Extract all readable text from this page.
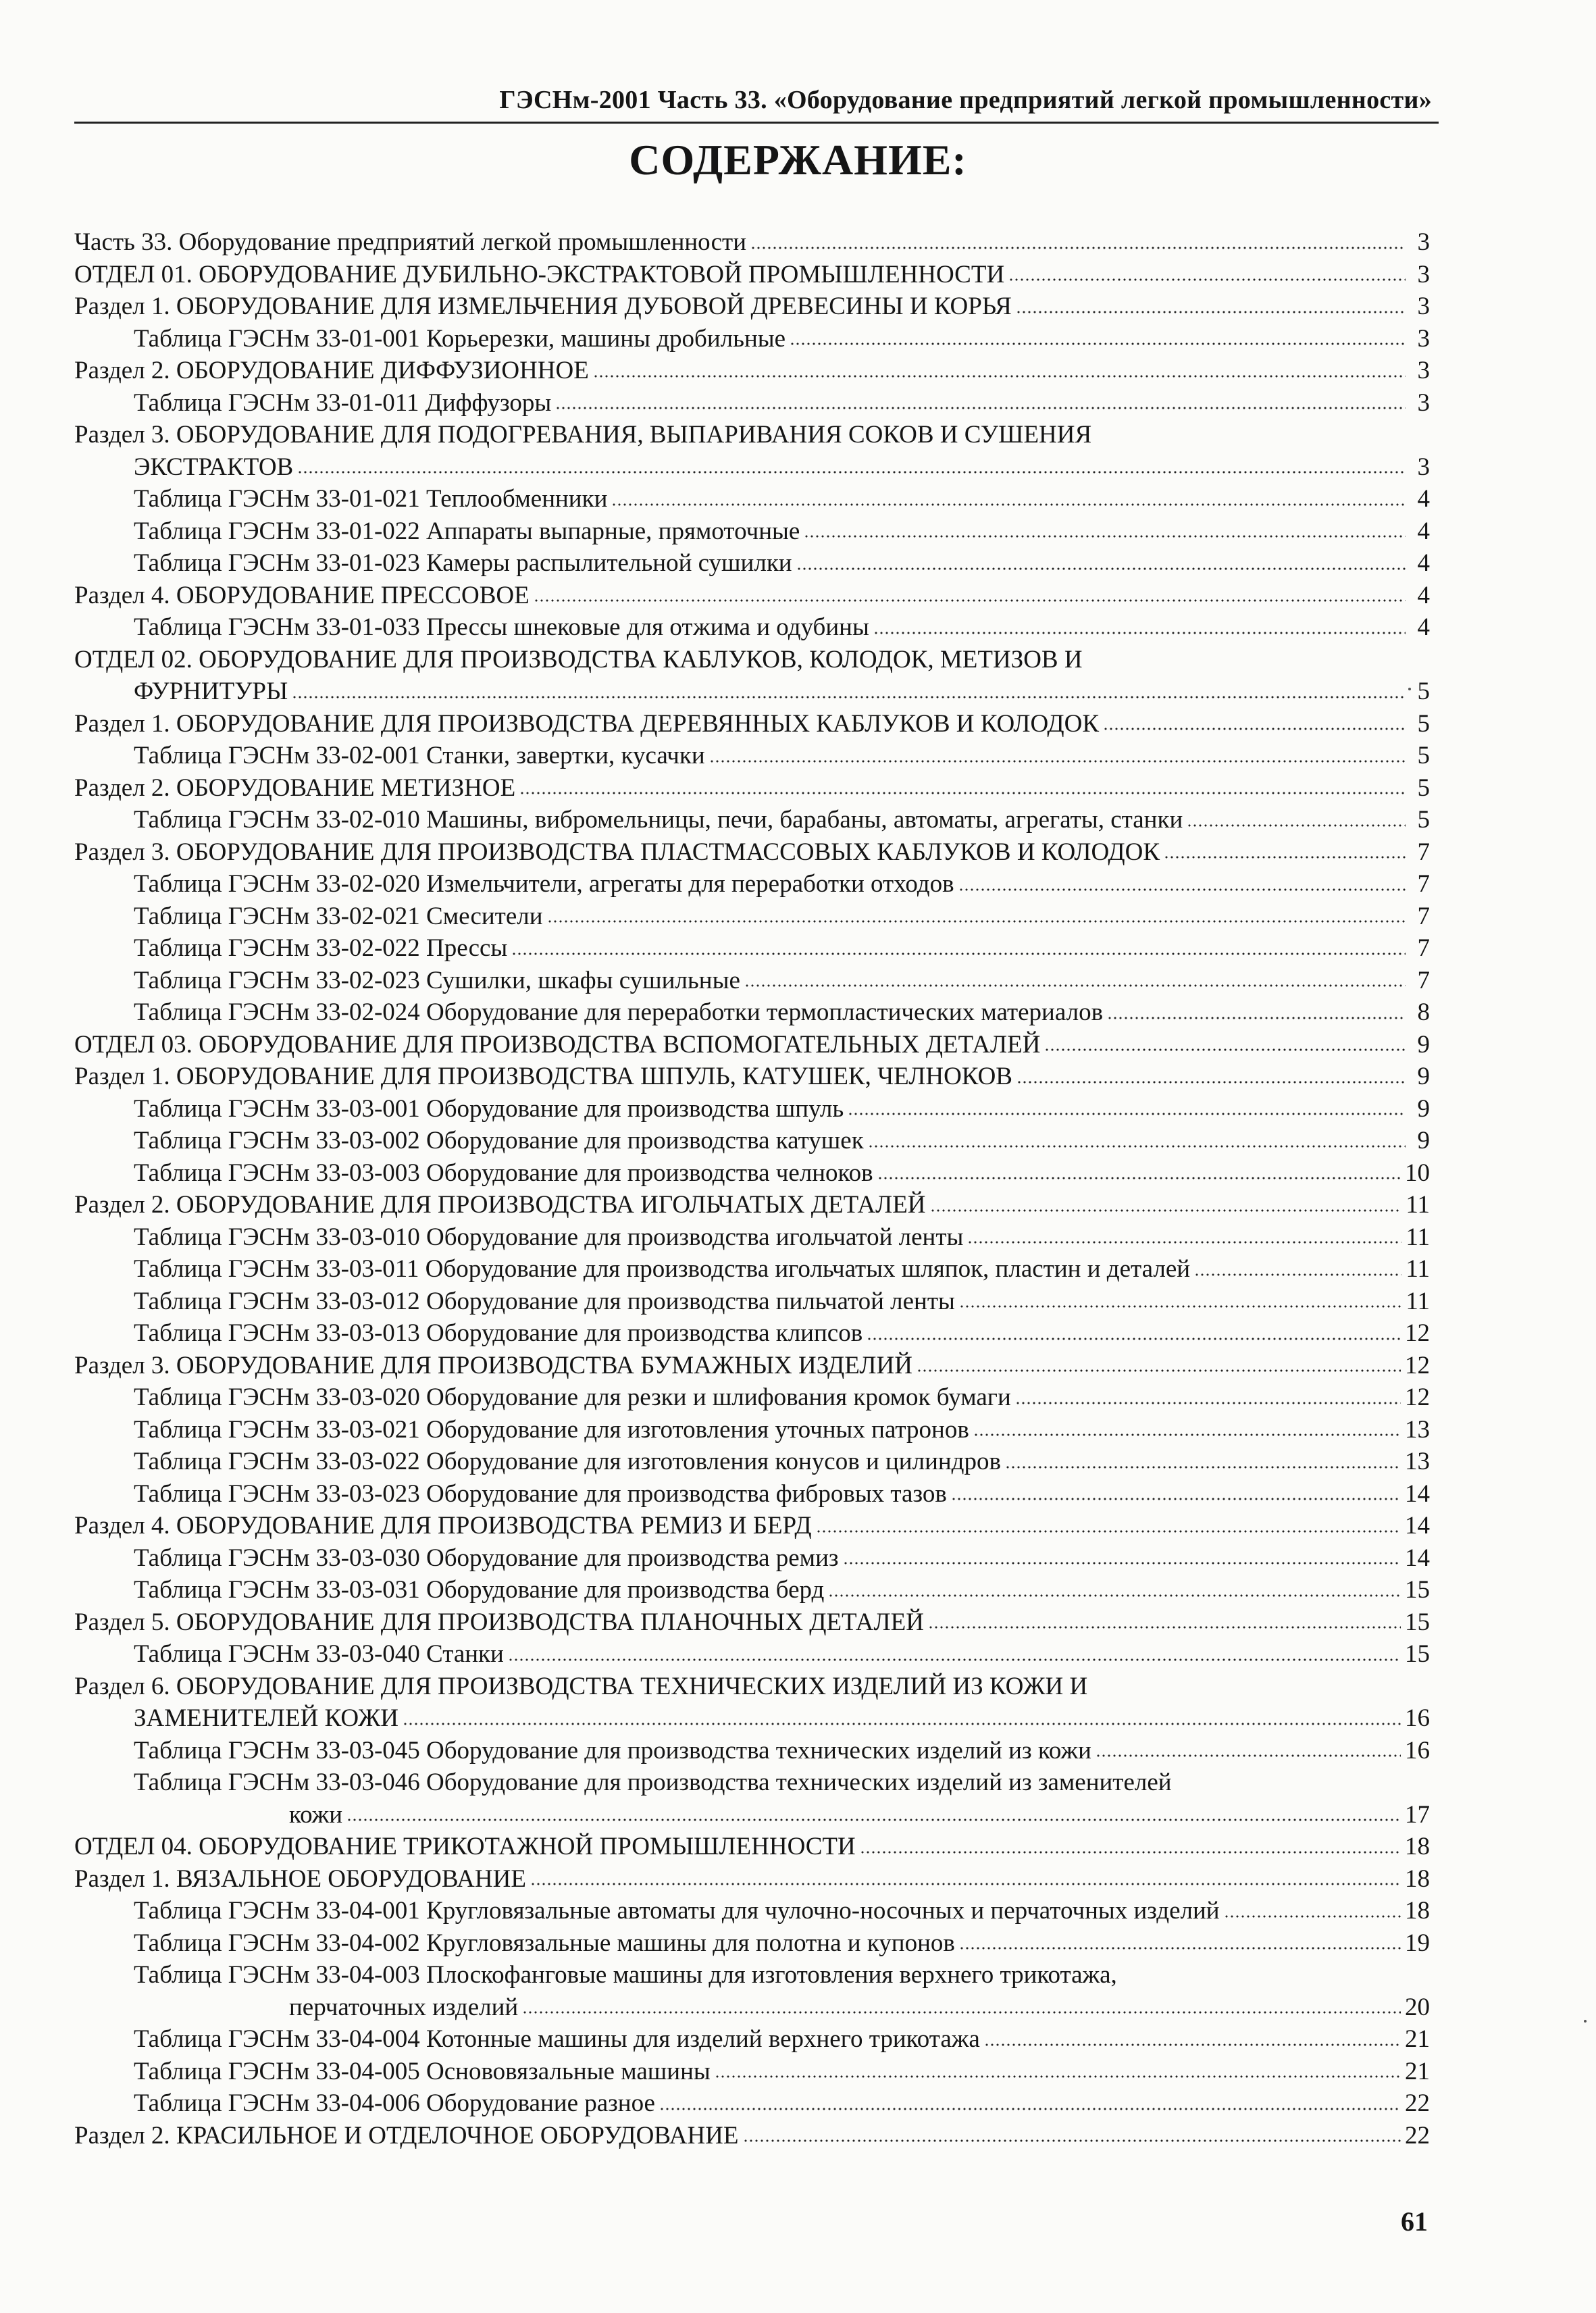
ГЭСНм-2001 Часть 33. «Оборудование предприятий легкой промышленности»
СОДЕРЖАНИЕ:
Часть 33. Оборудование предприятий легкой промышленности	3
ОТДЕЛ 01. ОБОРУДОВАНИЕ ДУБИЛЬНО-ЭКСТРАКТОВОЙ ПРОМЫШЛЕННОСТИ	3
Раздел 1. ОБОРУДОВАНИЕ ДЛЯ ИЗМЕЛЬЧЕНИЯ ДУБОВОЙ ДРЕВЕСИНЫ И КОРЬЯ	3
Таблица ГЭСНм 33-01-001 Корьерезки, машины дробильные	3
Раздел 2. ОБОРУДОВАНИЕ ДИФФУЗИОННОЕ	3
Таблица ГЭСНм 33-01-011 Диффузоры	3
Раздел 3. ОБОРУДОВАНИЕ ДЛЯ ПОДОГРЕВАНИЯ, ВЫПАРИВАНИЯ СОКОВ И СУШЕНИЯ
ЭКСТРАКТОВ	3
Таблица ГЭСНм 33-01-021 Теплообменники	4
Таблица ГЭСНм 33-01-022 Аппараты выпарные, прямоточные	4
Таблица ГЭСНм 33-01-023 Камеры распылительной сушилки	4
Раздел 4. ОБОРУДОВАНИЕ ПРЕССОВОЕ	4
Таблица ГЭСНм 33-01-033 Прессы шнековые для отжима и одубины	4
ОТДЕЛ 02. ОБОРУДОВАНИЕ ДЛЯ ПРОИЗВОДСТВА КАБЛУКОВ, КОЛОДОК, МЕТИЗОВ И
ФУРНИТУРЫ	5
Раздел 1. ОБОРУДОВАНИЕ ДЛЯ ПРОИЗВОДСТВА ДЕРЕВЯННЫХ КАБЛУКОВ И КОЛОДОК	5
Таблица ГЭСНм 33-02-001 Станки, завертки, кусачки	5
Раздел 2. ОБОРУДОВАНИЕ МЕТИЗНОЕ	5
Таблица ГЭСНм 33-02-010 Машины, вибромельницы, печи, барабаны, автоматы, агрегаты, станки	5
Раздел 3. ОБОРУДОВАНИЕ ДЛЯ ПРОИЗВОДСТВА ПЛАСТМАССОВЫХ КАБЛУКОВ И КОЛОДОК	7
Таблица ГЭСНм 33-02-020 Измельчители, агрегаты для переработки отходов	7
Таблица ГЭСНм 33-02-021 Смесители	7
Таблица ГЭСНм 33-02-022 Прессы	7
Таблица ГЭСНм 33-02-023 Сушилки, шкафы сушильные	7
Таблица ГЭСНм 33-02-024 Оборудование для переработки термопластических материалов	8
ОТДЕЛ 03. ОБОРУДОВАНИЕ ДЛЯ ПРОИЗВОДСТВА ВСПОМОГАТЕЛЬНЫХ ДЕТАЛЕЙ	9
Раздел 1. ОБОРУДОВАНИЕ ДЛЯ ПРОИЗВОДСТВА ШПУЛЬ, КАТУШЕК, ЧЕЛНОКОВ	9
Таблица ГЭСНм 33-03-001 Оборудование для производства шпуль	9
Таблица ГЭСНм 33-03-002 Оборудование для производства катушек	9
Таблица ГЭСНм 33-03-003 Оборудование для производства челноков	10
Раздел 2. ОБОРУДОВАНИЕ ДЛЯ ПРОИЗВОДСТВА ИГОЛЬЧАТЫХ ДЕТАЛЕЙ	11
Таблица ГЭСНм 33-03-010 Оборудование для производства игольчатой ленты	11
Таблица ГЭСНм 33-03-011 Оборудование для производства игольчатых шляпок, пластин и деталей	11
Таблица ГЭСНм 33-03-012 Оборудование для производства пильчатой ленты	11
Таблица ГЭСНм 33-03-013 Оборудование для производства клипсов	12
Раздел 3. ОБОРУДОВАНИЕ ДЛЯ ПРОИЗВОДСТВА БУМАЖНЫХ ИЗДЕЛИЙ	12
Таблица ГЭСНм 33-03-020 Оборудование для резки и шлифования кромок бумаги	12
Таблица ГЭСНм 33-03-021 Оборудование для изготовления уточных патронов	13
Таблица ГЭСНм 33-03-022 Оборудование для изготовления конусов и цилиндров	13
Таблица ГЭСНм 33-03-023 Оборудование для производства фибровых тазов	14
Раздел 4. ОБОРУДОВАНИЕ ДЛЯ ПРОИЗВОДСТВА РЕМИЗ И БЕРД	14
Таблица ГЭСНм 33-03-030 Оборудование для производства ремиз	14
Таблица ГЭСНм 33-03-031 Оборудование для производства берд	15
Раздел 5. ОБОРУДОВАНИЕ ДЛЯ ПРОИЗВОДСТВА ПЛАНОЧНЫХ ДЕТАЛЕЙ	15
Таблица ГЭСНм 33-03-040 Станки	15
Раздел 6. ОБОРУДОВАНИЕ ДЛЯ ПРОИЗВОДСТВА ТЕХНИЧЕСКИХ ИЗДЕЛИЙ ИЗ КОЖИ И
ЗАМЕНИТЕЛЕЙ КОЖИ	16
Таблица ГЭСНм 33-03-045 Оборудование для производства технических изделий из кожи	16
Таблица ГЭСНм 33-03-046 Оборудование для производства технических изделий из заменителей
кожи	17
ОТДЕЛ 04. ОБОРУДОВАНИЕ ТРИКОТАЖНОЙ ПРОМЫШЛЕННОСТИ	18
Раздел 1. ВЯЗАЛЬНОЕ ОБОРУДОВАНИЕ	18
Таблица ГЭСНм 33-04-001 Кругловязальные автоматы для чулочно-носочных и перчаточных изделий	18
Таблица ГЭСНм 33-04-002 Кругловязальные машины для полотна и купонов	19
Таблица ГЭСНм 33-04-003 Плоскофанговые машины для изготовления верхнего трикотажа,
перчаточных изделий	20
Таблица ГЭСНм 33-04-004 Котонные машины для изделий верхнего трикотажа	21
Таблица ГЭСНм 33-04-005 Основовязальные машины	21
Таблица ГЭСНм 33-04-006 Оборудование разное	22
Раздел 2. КРАСИЛЬНОЕ И ОТДЕЛОЧНОЕ ОБОРУДОВАНИЕ	22
61
